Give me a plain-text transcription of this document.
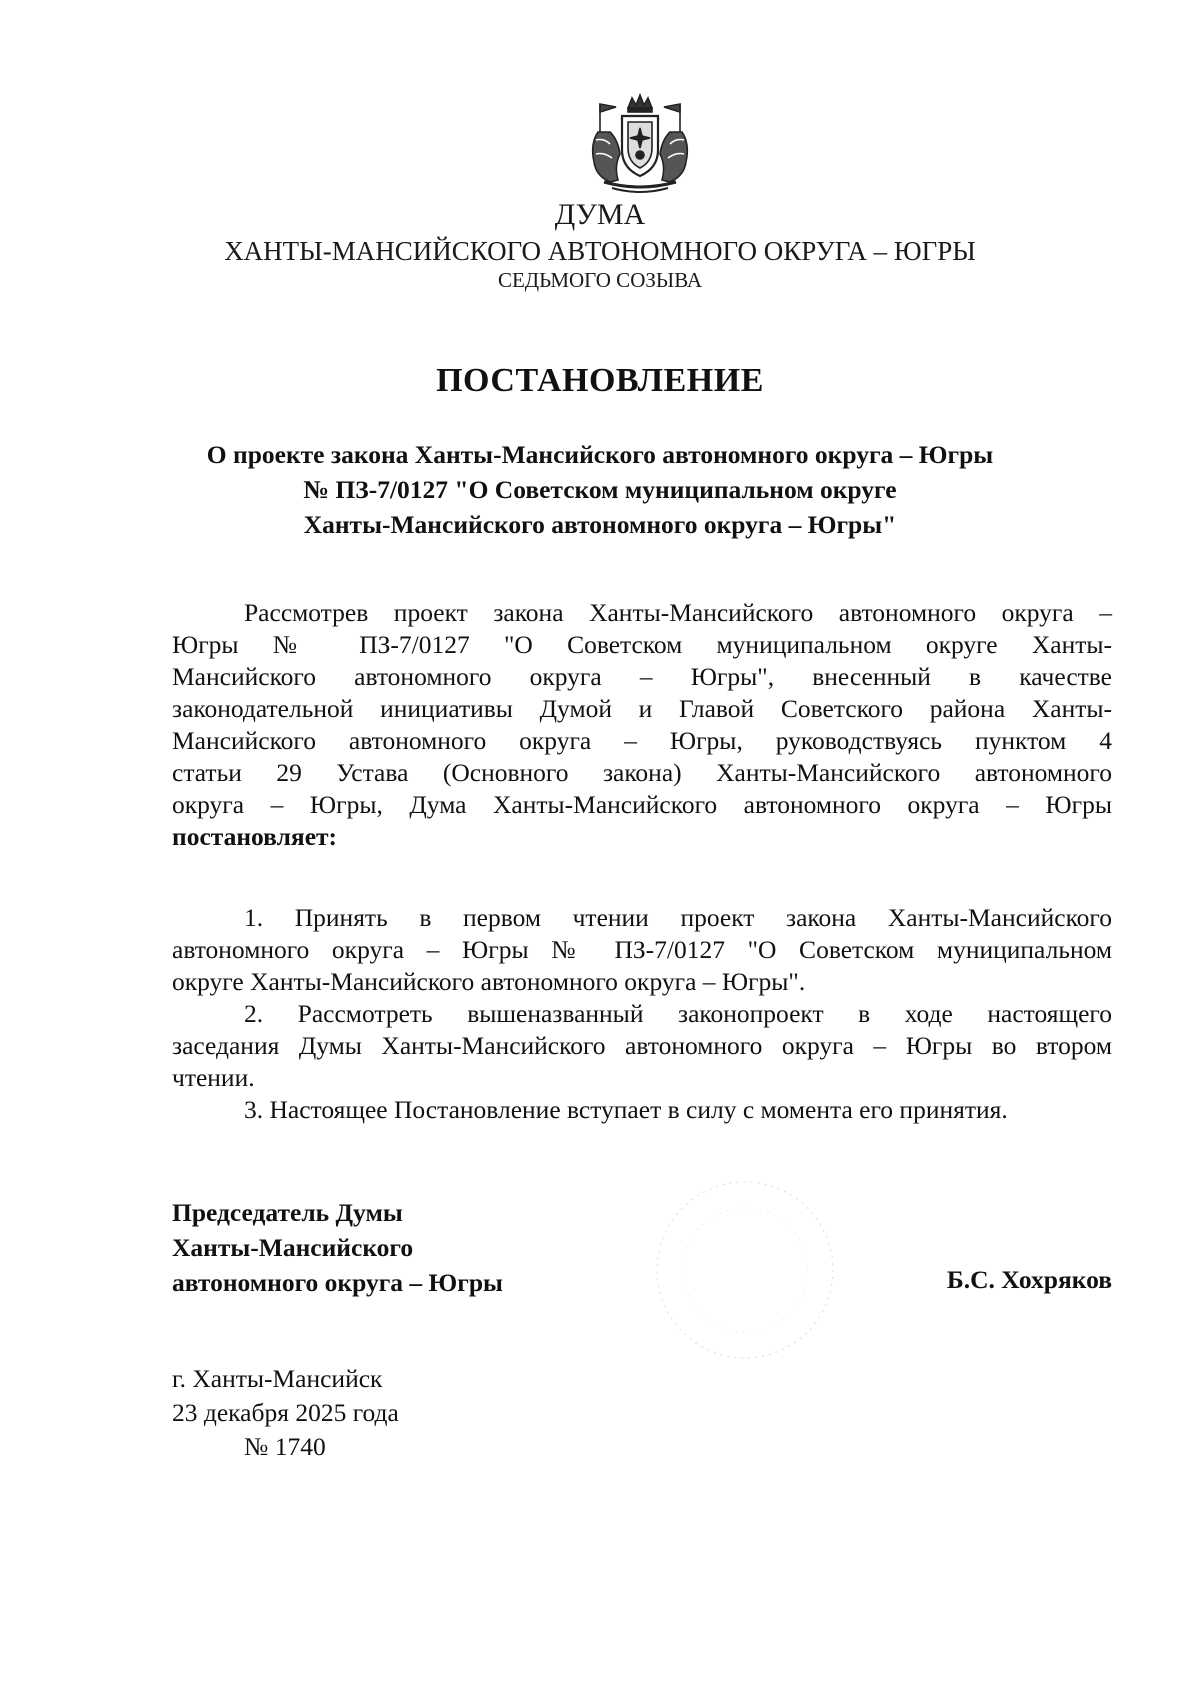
ДУМА
ХАНТЫ-МАНСИЙСКОГО АВТОНОМНОГО ОКРУГА – ЮГРЫ
СЕДЬМОГО СОЗЫВА
ПОСТАНОВЛЕНИЕ
О проекте закона Ханты-Мансийского автономного округа – Югры
№ ПЗ-7/0127 "О Советском муниципальном округе
Ханты-Мансийского автономного округа – Югры"
Рассмотрев проект закона Ханты-Мансийского автономного округа –
Югры № ПЗ-7/0127 "О Советском муниципальном округе Ханты-
Мансийского автономного округа – Югры", внесенный в качестве
законодательной инициативы Думой и Главой Советского района Ханты-
Мансийского автономного округа – Югры, руководствуясь пунктом 4
статьи 29 Устава (Основного закона) Ханты-Мансийского автономного
округа – Югры, Дума Ханты-Мансийского автономного округа – Югры
постановляет:
1. Принять в первом чтении проект закона Ханты-Мансийского
автономного округа – Югры № ПЗ-7/0127 "О Советском муниципальном
округе Ханты-Мансийского автономного округа – Югры".
2. Рассмотреть вышеназванный законопроект в ходе настоящего
заседания Думы Ханты-Мансийского автономного округа – Югры во втором
чтении.
3. Настоящее Постановление вступает в силу с момента его принятия.
Председатель Думы
Ханты-Мансийского
автономного округа – Югры	Б.С. Хохряков
г. Ханты-Мансийск
23 декабря 2025 года
№ 1740
